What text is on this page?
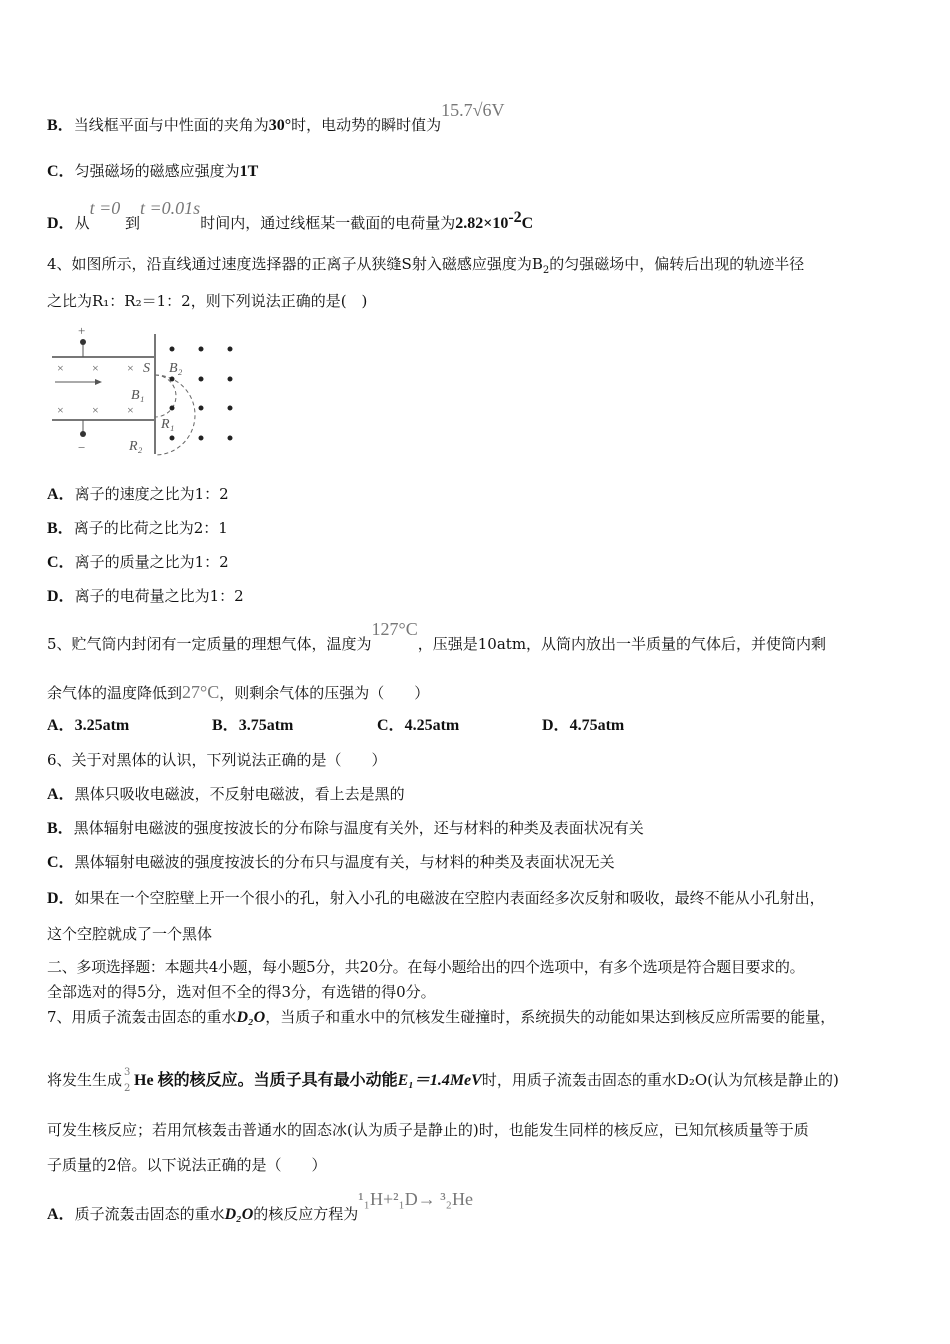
B．当线框平面与中性面的夹角为30°时，电动势的瞬时值为15.7√6V
C．匀强磁场的磁感应强度为1T
D．从t =0 到t =0.01s时间内，通过线框某一截面的电荷量为$2.82\times 10^{-2}C$
4、如图所示，沿直线通过速度选择器的正离子从狭缝S射入磁感应强度为$B_2$的匀强磁场中，偏转后出现的轨迹半径
之比为R₁：R₂＝1：2，则下列说法正确的是(　)
+
−
× × ×
× × ×
S
B₁
B₂
R₁
R₂
A．离子的速度之比为1：2
B．离子的比荷之比为2：1
C．离子的质量之比为1：2
D．离子的电荷量之比为1：2
5、贮气筒内封闭有一定质量的理想气体，温度为127°C，压强是10atm，从筒内放出一半质量的气体后，并使筒内剩
余气体的温度降低到27°C，则剩余气体的压强为（　　）
A．3.25atm	B．3.75atm	C．4.25atm	D．4.75atm
6、关于对黑体的认识，下列说法正确的是（　　）
A．黑体只吸收电磁波，不反射电磁波，看上去是黑的
B．黑体辐射电磁波的强度按波长的分布除与温度有关外，还与材料的种类及表面状况有关
C．黑体辐射电磁波的强度按波长的分布只与温度有关，与材料的种类及表面状况无关
D．如果在一个空腔壁上开一个很小的孔，射入小孔的电磁波在空腔内表面经多次反射和吸收，最终不能从小孔射出，
这个空腔就成了一个黑体
二、多项选择题：本题共4小题，每小题5分，共20分。在每小题给出的四个选项中，有多个选项是符合题目要求的。
全部选对的得5分，选对但不全的得3分，有选错的得0分。
7、用质子流轰击固态的重水D₂O，当质子和重水中的氘核发生碰撞时，系统损失的动能如果达到核反应所需要的能量，
将发生生成 3
2 He 核的核反应。当质子具有最小动能E₁＝1.4MeV时，用质子流轰击固态的重水D₂O(认为氘核是静止的)
可发生核反应；若用氘核轰击普通水的固态冰(认为质子是静止的)时，也能发生同样的核反应，已知氘核质量等于质
子质量的2倍。以下说法正确的是（　　）
A．质子流轰击固态的重水D₂O的核反应方程为¹₁H+²₁D→ ³₂He
